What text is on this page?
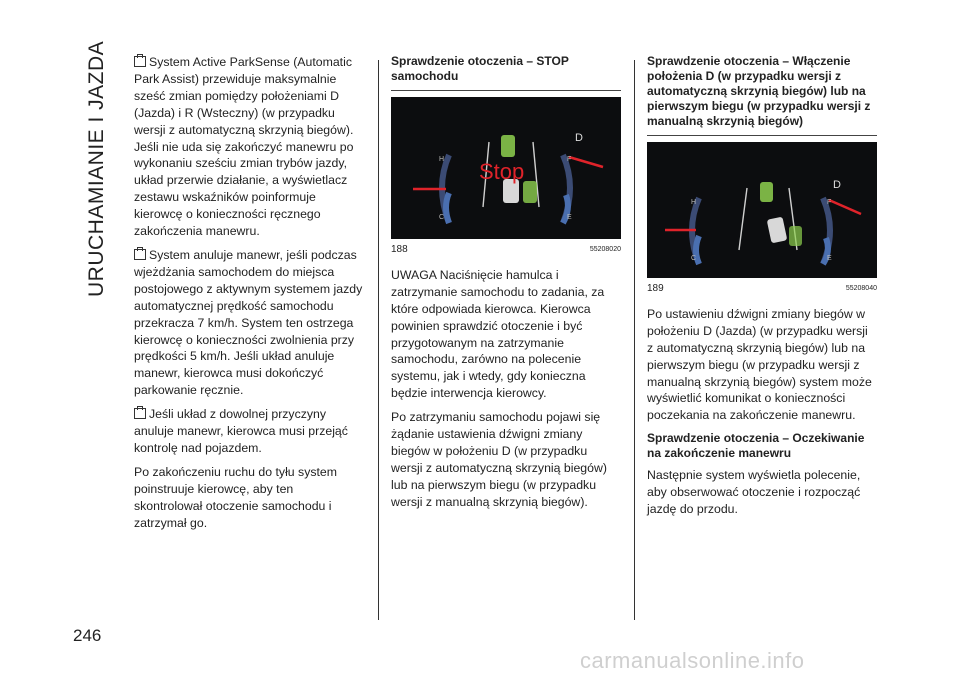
URUCHAMIANIE I JAZDA	System Active ParkSense (Automatic Park Assist) przewiduje maksymalnie sześć zmian pomiędzy położeniami D (Jazda) i R (Wsteczny) (w przypadku wersji z automatyczną skrzynią biegów). Jeśli nie uda się zakończyć manewru po wykonaniu sześciu zmian trybów jazdy, układ przerwie działanie, a wyświetlacz zestawu wskaźników poinformuje kierowcę o konieczności ręcznego zakończenia manewru.

System anuluje manewr, jeśli podczas wjeżdżania samochodem do miejsca postojowego z aktywnym systemem jazdy automatycznej prędkość samochodu przekracza 7 km/h. System ten ostrzega kierowcę o konieczności zwolnienia przy prędkości 5 km/h. Jeśli układ anuluje manewr, kierowca musi dokończyć parkowanie ręcznie.

Jeśli układ z dowolnej przyczyny anuluje manewr, kierowca musi przejąć kontrolę nad pojazdem.

Po zakończeniu ruchu do tyłu system poinstruuje kierowcę, aby ten skontrolował otoczenie samochodu i zatrzymał go.

Sprawdzenie otoczenia – STOP samochodu
H
C
F
E
D
Stop
188	55208020

UWAGA Naciśnięcie hamulca i zatrzymanie samochodu to zadania, za które odpowiada kierowca. Kierowca powinien sprawdzić otoczenie i być przygotowanym na zatrzymanie samochodu, zarówno na polecenie systemu, jak i wtedy, gdy konieczna będzie interwencja kierowcy.

Po zatrzymaniu samochodu pojawi się żądanie ustawienia dźwigni zmiany biegów w położeniu D (w przypadku wersji z automatyczną skrzynią biegów) lub na pierwszym biegu (w przypadku wersji z manualną skrzynią biegów).

Sprawdzenie otoczenia – Włączenie położenia D (w przypadku wersji z automatyczną skrzynią biegów) lub na pierwszym biegu (w przypadku wersji z manualną skrzynią biegów)
H
C
F
E
D
189	55208040

Po ustawieniu dźwigni zmiany biegów w położeniu D (Jazda) (w przypadku wersji z automatyczną skrzynią biegów) lub na pierwszym biegu (w przypadku wersji z manualną skrzynią biegów) system może wyświetlić komunikat o konieczności poczekania na zakończenie manewru.

Sprawdzenie otoczenia – Oczekiwanie na zakończenie manewru

Następnie system wyświetla polecenie, aby obserwować otoczenie i rozpocząć jazdę do przodu.

246
carmanualsonline.info
